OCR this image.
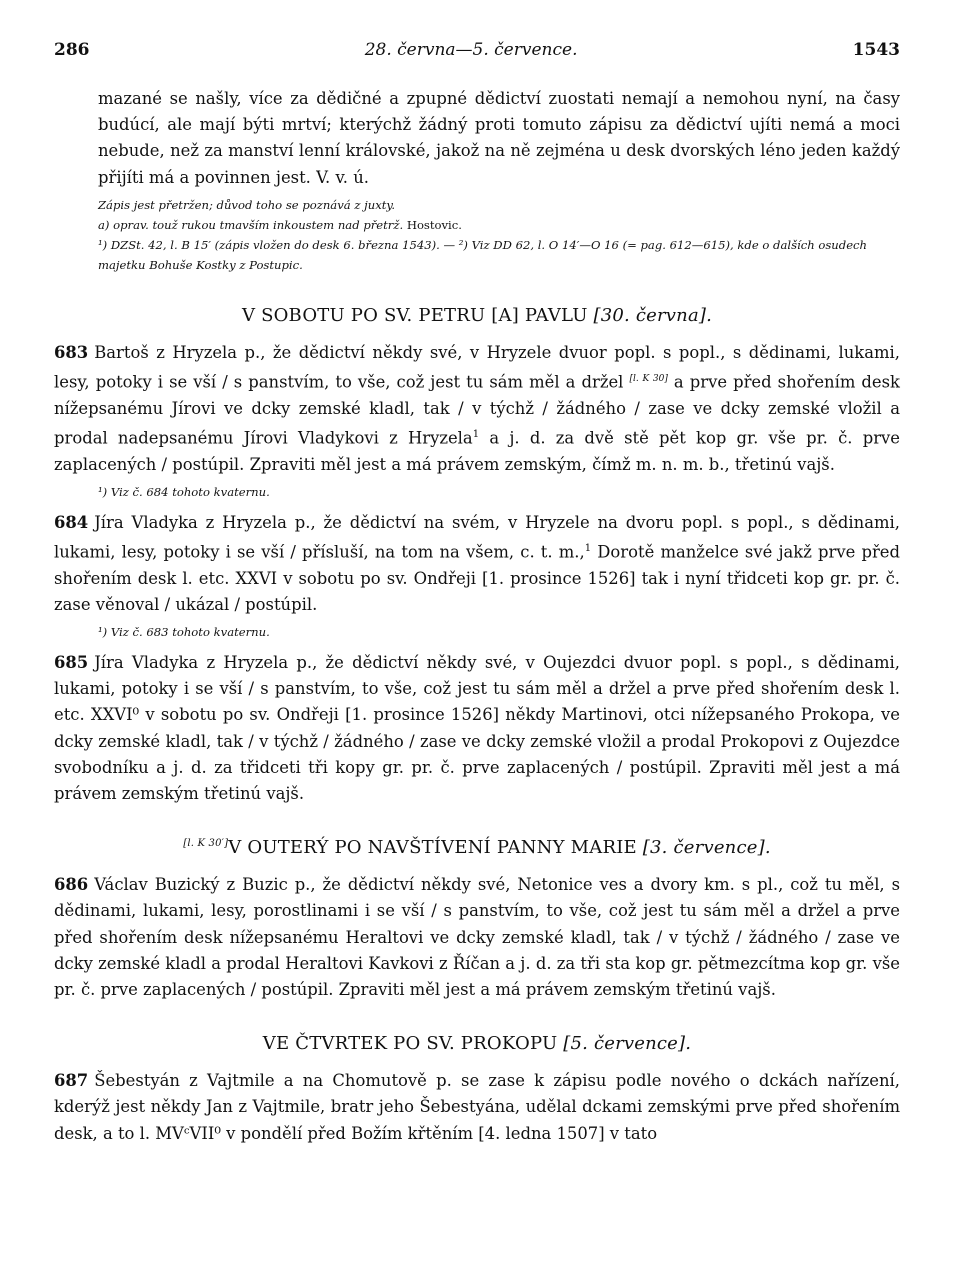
286	28. června—5. července.	1543

mazané se našly, více za dědičné a zpupné dědictví zuostati nemají a nemohou nyní, na časy budúcí, ale mají býti mrtví; kterýchž žádný proti tomuto zápisu za dědictví ujíti nemá a moci nebude, než za manství lenní královské, jakož na ně zejména u desk dvorských léno jeden každý přijíti má a povinnen jest. V. v. ú.

Zápis jest přetržen; důvod toho se poznává z juxty.

a) oprav. touž rukou tmavším inkoustem nad přetrž. Hostovic.

¹) DZSt. 42, l. B 15′ (zápis vložen do desk 6. března 1543). — ²) Viz DD 62, l. O 14′—O 16 (= pag. 612—615), kde o dalších osudech majetku Bohuše Kostky z Postupic.

V SOBOTU PO SV. PETRU [A] PAVLU [30. června].

683 Bartoš z Hryzela p., že dědictví někdy své, v Hryzele dvuor popl. s popl., s dědinami, lukami, lesy, potoky i se vší / s panstvím, to vše, což jest tu sám měl a držel [l. K 30] a prve před shořením desk nížepsanému Jírovi ve dcky zemské kladl, tak / v týchž / žádného / zase ve dcky zemské vložil a prodal nadepsanému Jírovi Vladykovi z Hryzela$^1$ a j. d. za dvě stě pět kop gr. vše pr. č. prve zaplacených / postúpil. Zpraviti měl jest a má právem zemským, čímž m. n. m. b., třetinú vajš.

¹) Viz č. 684 tohoto kvaternu.

684 Jíra Vladyka z Hryzela p., že dědictví na svém, v Hryzele na dvoru popl. s popl., s dědinami, lukami, lesy, potoky i se vší / přísluší, na tom na všem, c. t. m.,$^1$ Dorotě manželce své jakž prve před shořením desk l. etc. XXVI v sobotu po sv. Ondřeji [1. prosince 1526] tak i nyní třidceti kop gr. pr. č. zase věnoval / ukázal / postúpil.

¹) Viz č. 683 tohoto kvaternu.

685 Jíra Vladyka z Hryzela p., že dědictví někdy své, v Oujezdci dvuor popl. s popl., s dědinami, lukami, potoky i se vší / s panstvím, to vše, což jest tu sám měl a držel a prve před shořením desk l. etc. XXVI⁰ v sobotu po sv. Ondřeji [1. prosince 1526] někdy Martinovi, otci nížepsaného Prokopa, ve dcky zemské kladl, tak / v týchž / žádného / zase ve dcky zemské vložil a prodal Prokopovi z Oujezdce svobodníku a j. d. za třidceti tři kopy gr. pr. č. prve zaplacených / postúpil. Zpraviti měl jest a má právem zemským třetinú vajš.

[l. K 30′]V OUTERÝ PO NAVŠTÍVENÍ PANNY MARIE [3. července].

686 Václav Buzický z Buzic p., že dědictví někdy své, Netonice ves a dvory km. s pl., což tu měl, s dědinami, lukami, lesy, porostlinami i se vší / s panstvím, to vše, což jest tu sám měl a držel a prve před shořením desk nížepsanému Heraltovi ve dcky zemské kladl, tak / v týchž / žádného / zase ve dcky zemské kladl a prodal Heraltovi Kavkovi z Říčan a j. d. za tři sta kop gr. pětmezcítma kop gr. vše pr. č. prve zaplacených / postúpil. Zpraviti měl jest a má právem zemským třetinú vajš.

VE ČTVRTEK PO SV. PROKOPU [5. července].

687 Šebestyán z Vajtmile a na Chomutově p. se zase k zápisu podle nového o dckách nařízení, kderýž jest někdy Jan z Vajtmile, bratr jeho Šebestyána, udělal dckami zemskými prve před shořením desk, a to l. MVᶜVII⁰ v pondělí před Božím křtěním [4. ledna 1507] v tato
